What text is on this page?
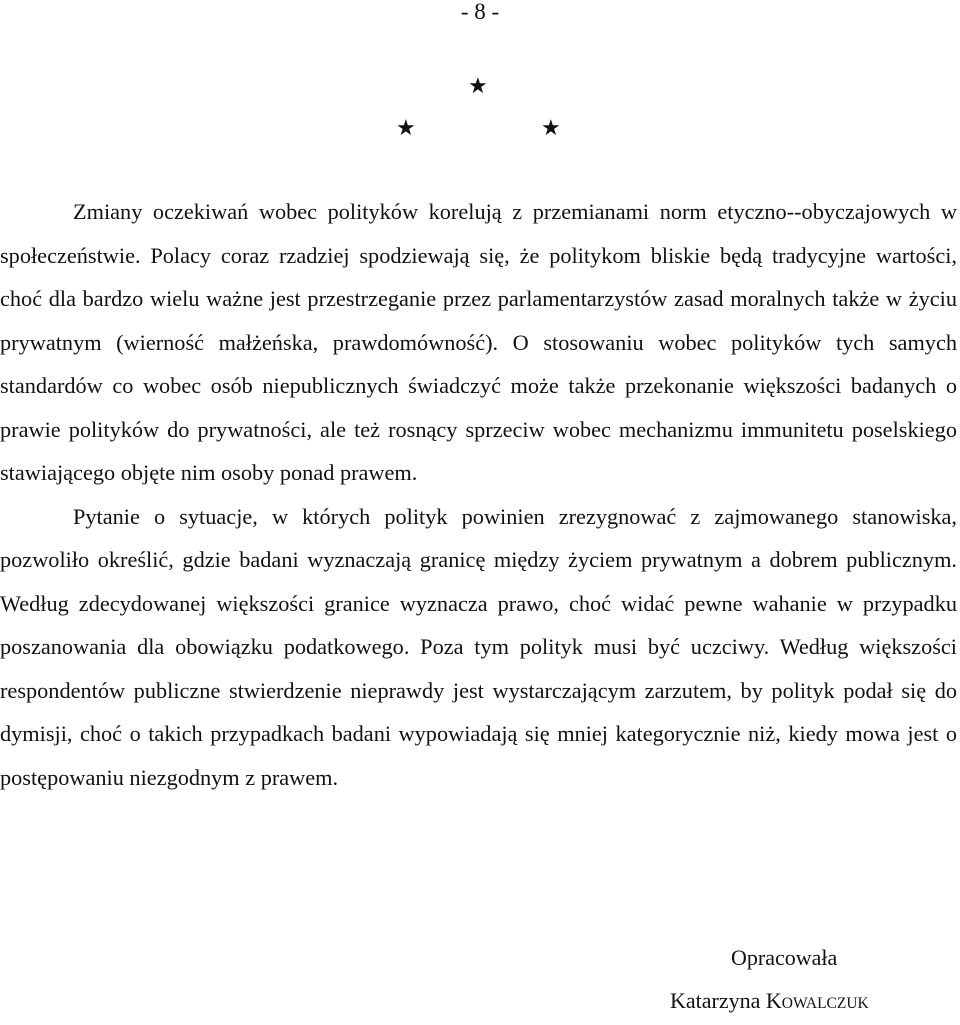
- 8 -
★
★	★

Zmiany oczekiwań wobec polityków korelują z przemianami norm etyczno--obyczajowych w społeczeństwie. Polacy coraz rzadziej spodziewają się, że politykom bliskie będą tradycyjne wartości, choć dla bardzo wielu ważne jest przestrzeganie przez parlamentarzystów zasad moralnych także w życiu prywatnym (wierność małżeńska, prawdomówność). O stosowaniu wobec polityków tych samych standardów co wobec osób niepublicznych świadczyć może także przekonanie większości badanych o prawie polityków do prywatności, ale też rosnący sprzeciw wobec mechanizmu immunitetu poselskiego stawiającego objęte nim osoby ponad prawem.

Pytanie o sytuacje, w których polityk powinien zrezygnować z zajmowanego stanowiska, pozwoliło określić, gdzie badani wyznaczają granicę między życiem prywatnym a dobrem publicznym. Według zdecydowanej większości granice wyznacza prawo, choć widać pewne wahanie w przypadku poszanowania dla obowiązku podatkowego. Poza tym polityk musi być uczciwy. Według większości respondentów publiczne stwierdzenie nieprawdy jest wystarczającym zarzutem, by polityk podał się do dymisji, choć o takich przypadkach badani wypowiadają się mniej kategorycznie niż, kiedy mowa jest o postępowaniu niezgodnym z prawem.

Opracowała
Katarzyna KOWALCZUK
